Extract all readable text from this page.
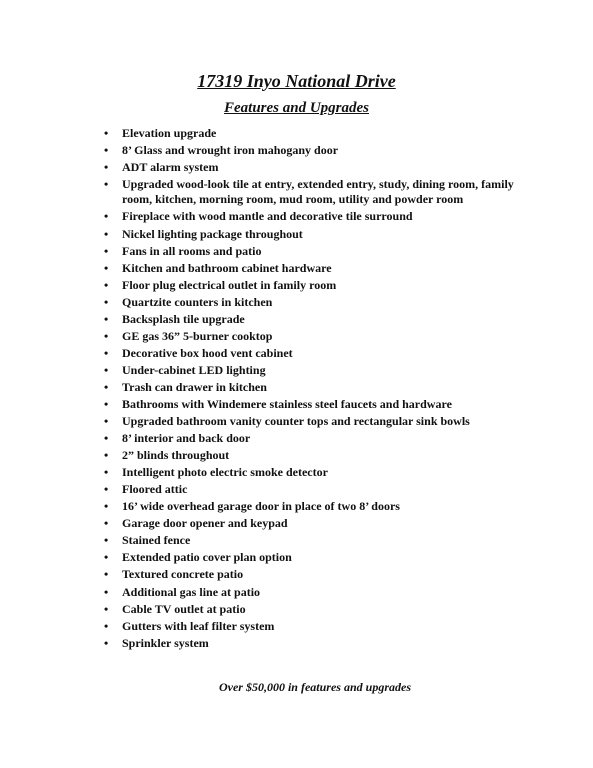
17319 Inyo National Drive
Features and Upgrades
•	Elevation upgrade
•	8’ Glass and wrought iron mahogany door
•	ADT alarm system
•	Upgraded wood-look tile at entry, extended entry, study, dining room, family room, kitchen, morning room, mud room, utility and powder room
•	Fireplace with wood mantle and decorative tile surround
•	Nickel lighting package throughout
•	Fans in all rooms and patio
•	Kitchen and bathroom cabinet hardware
•	Floor plug electrical outlet in family room
•	Quartzite counters in kitchen
•	Backsplash tile upgrade
•	GE gas 36” 5-burner cooktop
•	Decorative box hood vent cabinet
•	Under-cabinet LED lighting
•	Trash can drawer in kitchen
•	Bathrooms with Windemere stainless steel faucets and hardware
•	Upgraded bathroom vanity counter tops and rectangular sink bowls
•	8’ interior and back door
•	2” blinds throughout
•	Intelligent photo electric smoke detector
•	Floored attic
•	16’ wide overhead garage door in place of two 8’ doors
•	Garage door opener and keypad
•	Stained fence
•	Extended patio cover plan option
•	Textured concrete patio
•	Additional gas line at patio
•	Cable TV outlet at patio
•	Gutters with leaf filter system
•	Sprinkler system

Over $50,000 in features and upgrades
